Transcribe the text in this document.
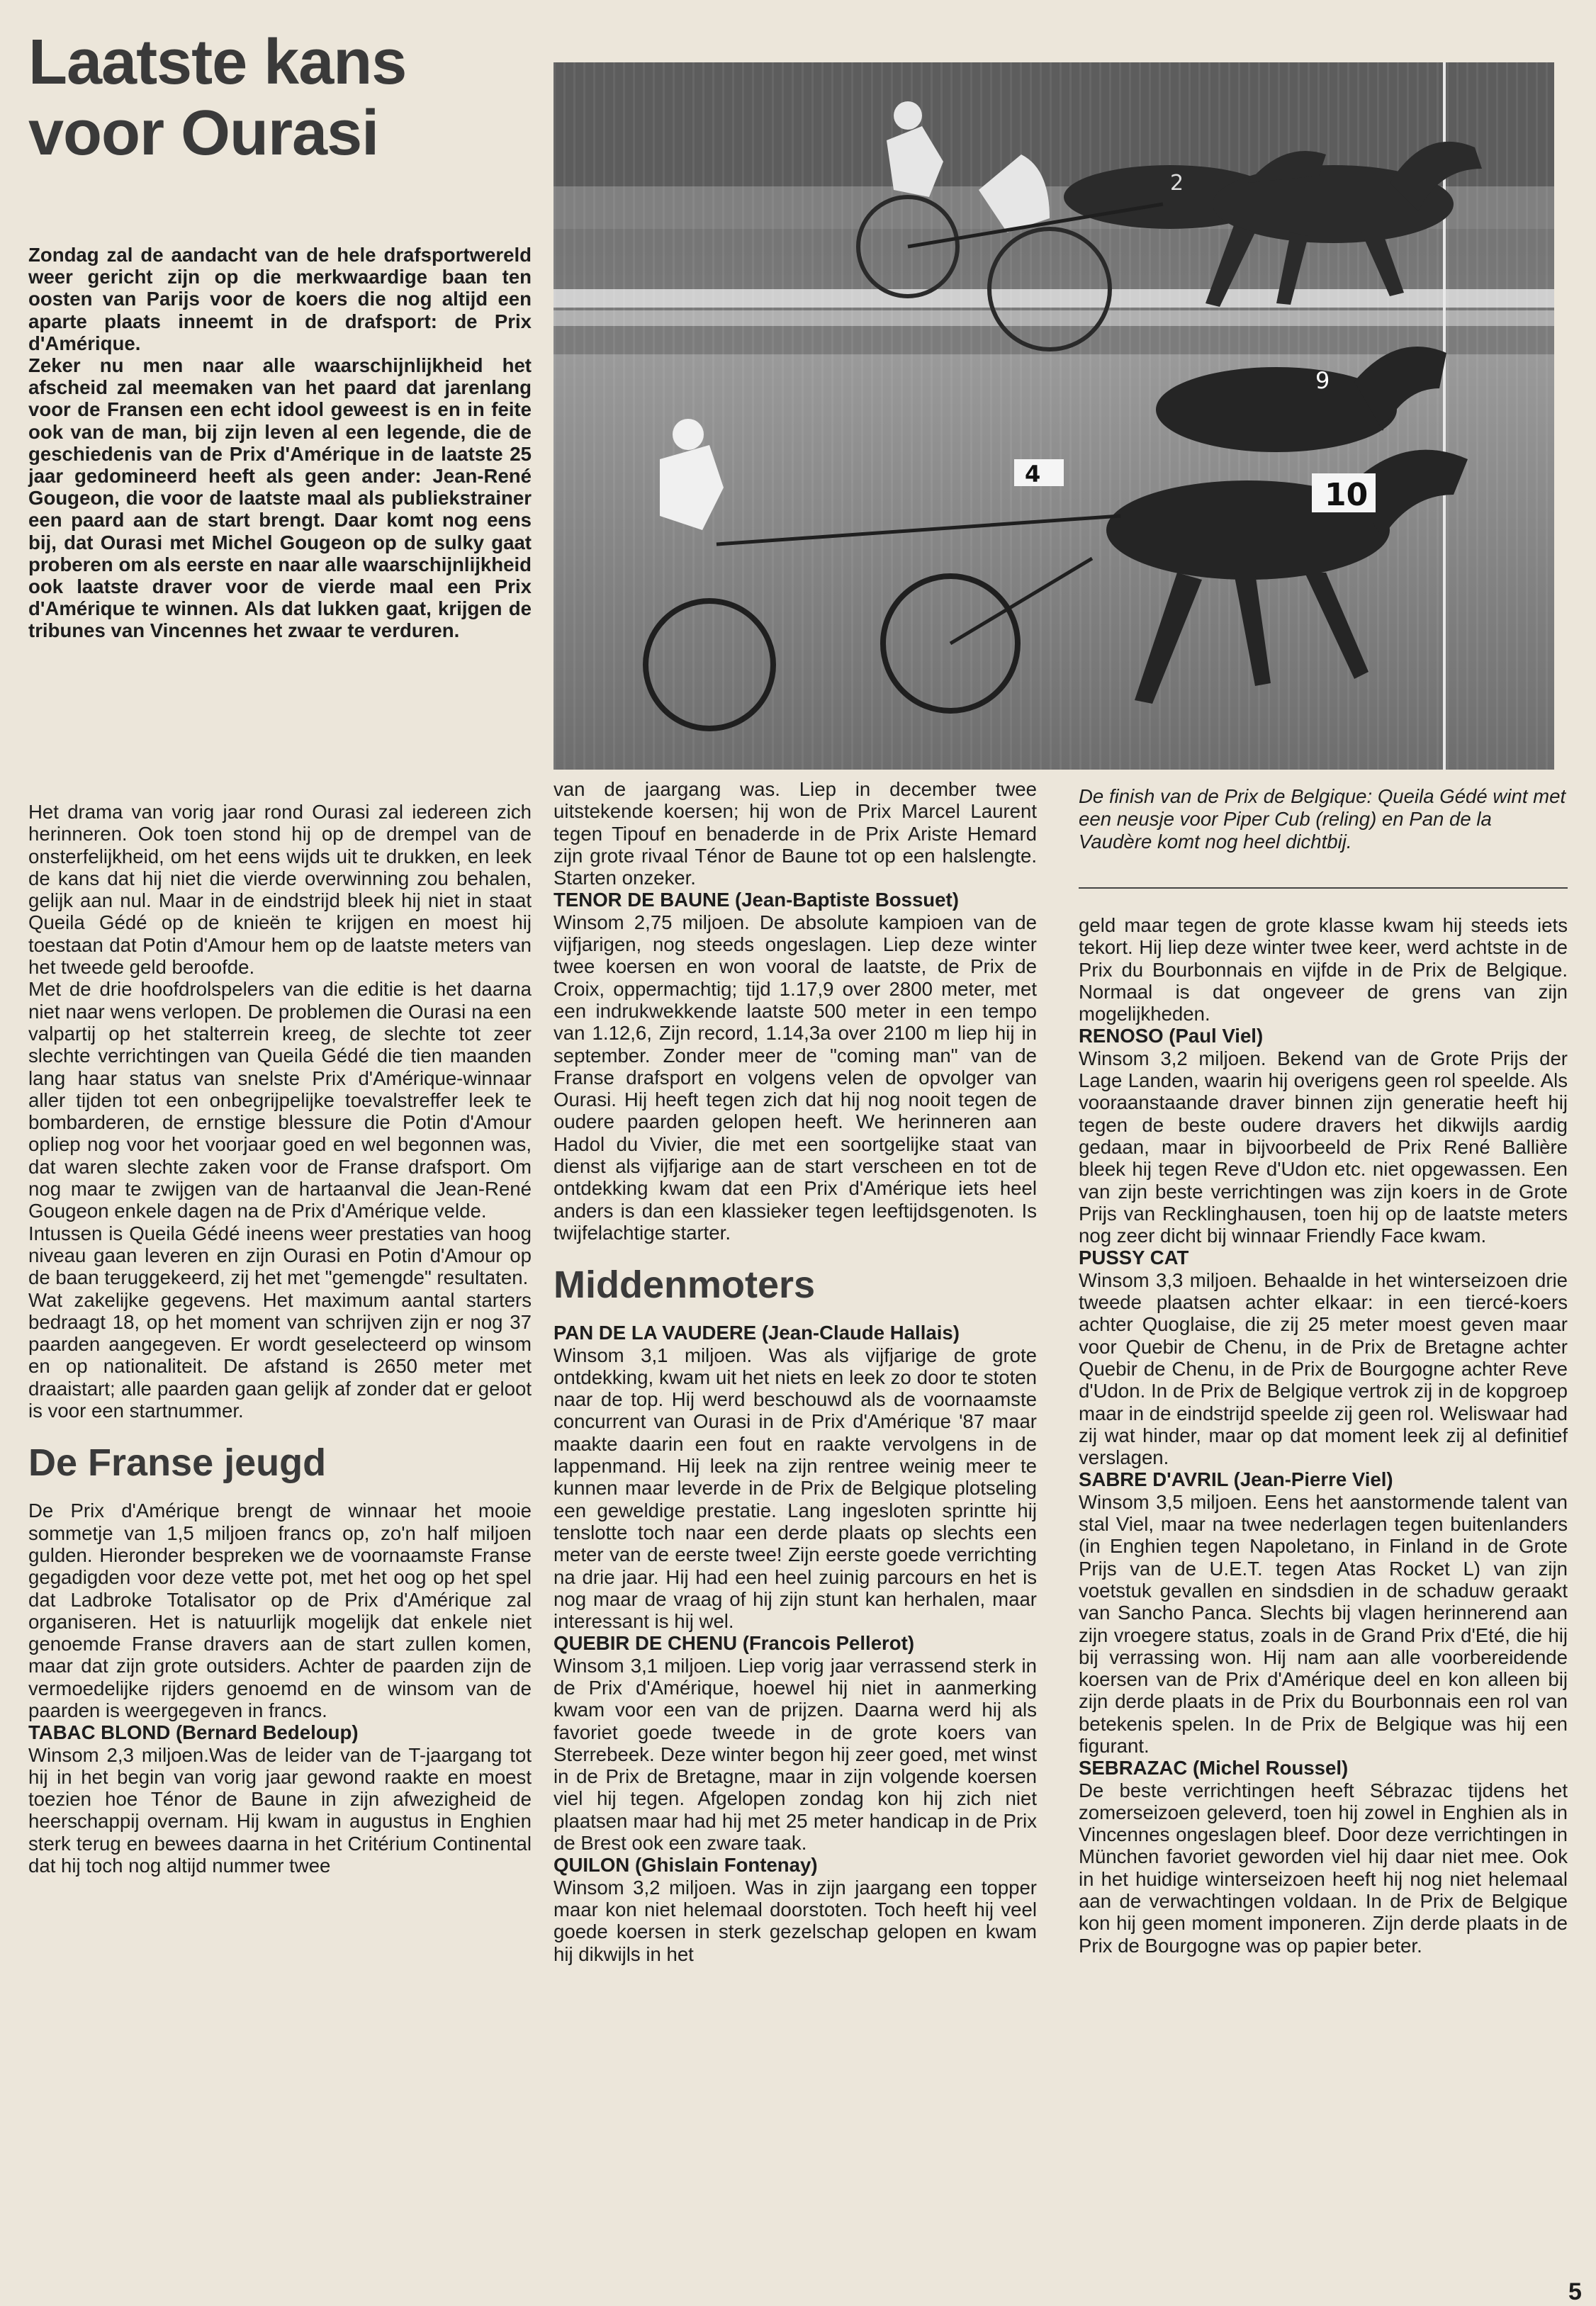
Laatste kans voor Ourasi

Zondag zal de aandacht van de hele drafsportwereld weer gericht zijn op die merkwaardige baan ten oosten van Parijs voor de koers die nog altijd een aparte plaats inneemt in de drafsport: de Prix d'Amérique.

Zeker nu men naar alle waarschijnlijkheid het afscheid zal meemaken van het paard dat jarenlang voor de Fransen een echt idool geweest is en in feite ook van de man, bij zijn leven al een legende, die de geschiedenis van de Prix d'Amérique in de laatste 25 jaar gedomineerd heeft als geen ander: Jean-René Gougeon, die voor de laatste maal als publiekstrainer een paard aan de start brengt. Daar komt nog eens bij, dat Ourasi met Michel Gougeon op de sulky gaat proberen om als eerste en naar alle waarschijnlijkheid ook laatste draver voor de vierde maal een Prix d'Amérique te winnen. Als dat lukken gaat, krijgen de tribunes van Vincennes het zwaar te verduren.

2
9
10
4

De finish van de Prix de Belgique: Queila Gédé wint met een neusje voor Piper Cub (reling) en Pan de la Vaudère komt nog heel dichtbij.

Het drama van vorig jaar rond Ourasi zal iedereen zich herinneren. Ook toen stond hij op de drempel van de onsterfelijkheid, om het eens wijds uit te drukken, en leek de kans dat hij niet die vierde overwinning zou behalen, gelijk aan nul. Maar in de eindstrijd bleek hij niet in staat Queila Gédé op de knieën te krijgen en moest hij toestaan dat Potin d'Amour hem op de laatste meters van het tweede geld beroofde.

Met de drie hoofdrolspelers van die editie is het daarna niet naar wens verlopen. De problemen die Ourasi na een valpartij op het stalterrein kreeg, de slechte tot zeer slechte verrichtingen van Queila Gédé die tien maanden lang haar status van snelste Prix d'Amérique-winnaar aller tijden tot een onbegrijpelijke toevalstreffer leek te bombarderen, de ernstige blessure die Potin d'Amour opliep nog voor het voorjaar goed en wel begonnen was, dat waren slechte zaken voor de Franse drafsport. Om nog maar te zwijgen van de hartaanval die Jean-René Gougeon enkele dagen na de Prix d'Amérique velde.

Intussen is Queila Gédé ineens weer prestaties van hoog niveau gaan leveren en zijn Ourasi en Potin d'Amour op de baan teruggekeerd, zij het met "gemengde" resultaten.

Wat zakelijke gegevens. Het maximum aantal starters bedraagt 18, op het moment van schrijven zijn er nog 37 paarden aangegeven. Er wordt geselecteerd op winsom en op nationaliteit. De afstand is 2650 meter met draaistart; alle paarden gaan gelijk af zonder dat er geloot is voor een startnummer.

De Franse jeugd

De Prix d'Amérique brengt de winnaar het mooie sommetje van 1,5 miljoen francs op, zo'n half miljoen gulden. Hieronder bespreken we de voornaamste Franse gegadigden voor deze vette pot, met het oog op het spel dat Ladbroke Totalisator op de Prix d'Amérique zal organiseren. Het is natuurlijk mogelijk dat enkele niet genoemde Franse dravers aan de start zullen komen, maar dat zijn grote outsiders. Achter de paarden zijn de vermoedelijke rijders genoemd en de winsom van de paarden is weergegeven in francs.

TABAC BLOND (Bernard Bedeloup)

Winsom 2,3 miljoen.Was de leider van de T-jaargang tot hij in het begin van vorig jaar gewond raakte en moest toezien hoe Ténor de Baune in zijn afwezigheid de heerschappij overnam. Hij kwam in augustus in Enghien sterk terug en bewees daarna in het Critérium Continental dat hij toch nog altijd nummer twee

van de jaargang was. Liep in december twee uitstekende koersen; hij won de Prix Marcel Laurent tegen Tipouf en benaderde in de Prix Ariste Hemard zijn grote rivaal Ténor de Baune tot op een halslengte. Starten onzeker.

TENOR DE BAUNE (Jean-Baptiste Bossuet)

Winsom 2,75 miljoen. De absolute kampioen van de vijfjarigen, nog steeds ongeslagen. Liep deze winter twee koersen en won vooral de laatste, de Prix de Croix, oppermachtig; tijd 1.17,9 over 2800 meter, met een indrukwekkende laatste 500 meter in een tempo van 1.12,6, Zijn record, 1.14,3a over 2100 m liep hij in september. Zonder meer de "coming man" van de Franse drafsport en volgens velen de opvolger van Ourasi. Hij heeft tegen zich dat hij nog nooit tegen de oudere paarden gelopen heeft. We herinneren aan Hadol du Vivier, die met een soortgelijke staat van dienst als vijfjarige aan de start verscheen en tot de ontdekking kwam dat een Prix d'Amérique iets heel anders is dan een klassieker tegen leeftijdsgenoten. Is twijfelachtige starter.

Middenmoters

PAN DE LA VAUDERE (Jean-Claude Hallais)

Winsom 3,1 miljoen. Was als vijfjarige de grote ontdekking, kwam uit het niets en leek zo door te stoten naar de top. Hij werd beschouwd als de voornaamste concurrent van Ourasi in de Prix d'Amérique '87 maar maakte daarin een fout en raakte vervolgens in de lappenmand. Hij leek na zijn rentree weinig meer te kunnen maar leverde in de Prix de Belgique plotseling een geweldige prestatie. Lang ingesloten sprintte hij tenslotte toch naar een derde plaats op slechts een meter van de eerste twee! Zijn eerste goede verrichting na drie jaar. Hij had een heel zuinig parcours en het is nog maar de vraag of hij zijn stunt kan herhalen, maar interessant is hij wel.

QUEBIR DE CHENU (Francois Pellerot)

Winsom 3,1 miljoen. Liep vorig jaar verrassend sterk in de Prix d'Amérique, hoewel hij niet in aanmerking kwam voor een van de prijzen. Daarna werd hij als favoriet goede tweede in de grote koers van Sterrebeek. Deze winter begon hij zeer goed, met winst in de Prix de Bretagne, maar in zijn volgende koersen viel hij tegen. Afgelopen zondag kon hij zich niet plaatsen maar had hij met 25 meter handicap in de Prix de Brest ook een zware taak.

QUILON (Ghislain Fontenay)

Winsom 3,2 miljoen. Was in zijn jaargang een topper maar kon niet helemaal doorstoten. Toch heeft hij veel goede koersen in sterk gezelschap gelopen en kwam hij dikwijls in het

geld maar tegen de grote klasse kwam hij steeds iets tekort. Hij liep deze winter twee keer, werd achtste in de Prix du Bourbonnais en vijfde in de Prix de Belgique. Normaal is dat ongeveer de grens van zijn mogelijkheden.

RENOSO (Paul Viel)

Winsom 3,2 miljoen. Bekend van de Grote Prijs der Lage Landen, waarin hij overigens geen rol speelde. Als vooraanstaande draver binnen zijn generatie heeft hij tegen de beste oudere dravers het dikwijls aardig gedaan, maar in bijvoorbeeld de Prix René Ballière bleek hij tegen Reve d'Udon etc. niet opgewassen. Een van zijn beste verrichtingen was zijn koers in de Grote Prijs van Recklinghausen, toen hij op de laatste meters nog zeer dicht bij winnaar Friendly Face kwam.

PUSSY CAT

Winsom 3,3 miljoen. Behaalde in het winterseizoen drie tweede plaatsen achter elkaar: in een tiercé-koers achter Quoglaise, die zij 25 meter moest geven maar voor Quebir de Chenu, in de Prix de Bretagne achter Quebir de Chenu, in de Prix de Bourgogne achter Reve d'Udon. In de Prix de Belgique vertrok zij in de kopgroep maar in de eindstrijd speelde zij geen rol. Weliswaar had zij wat hinder, maar op dat moment leek zij al definitief verslagen.

SABRE D'AVRIL (Jean-Pierre Viel)

Winsom 3,5 miljoen. Eens het aanstormende talent van stal Viel, maar na twee nederlagen tegen buitenlanders (in Enghien tegen Napoletano, in Finland in de Grote Prijs van de U.E.T. tegen Atas Rocket L) van zijn voetstuk gevallen en sindsdien in de schaduw geraakt van Sancho Panca. Slechts bij vlagen herinnerend aan zijn vroegere status, zoals in de Grand Prix d'Eté, die hij bij verrassing won. Hij nam aan alle voorbereidende koersen van de Prix d'Amérique deel en kon alleen bij zijn derde plaats in de Prix du Bourbonnais een rol van betekenis spelen. In de Prix de Belgique was hij een figurant.

SEBRAZAC (Michel Roussel)

De beste verrichtingen heeft Sébrazac tijdens het zomerseizoen geleverd, toen hij zowel in Enghien als in Vincennes ongeslagen bleef. Door deze verrichtingen in München favoriet geworden viel hij daar niet mee. Ook in het huidige winterseizoen heeft hij nog niet helemaal aan de verwachtingen voldaan. In de Prix de Belgique kon hij geen moment imponeren. Zijn derde plaats in de Prix de Bourgogne was op papier beter.

5
